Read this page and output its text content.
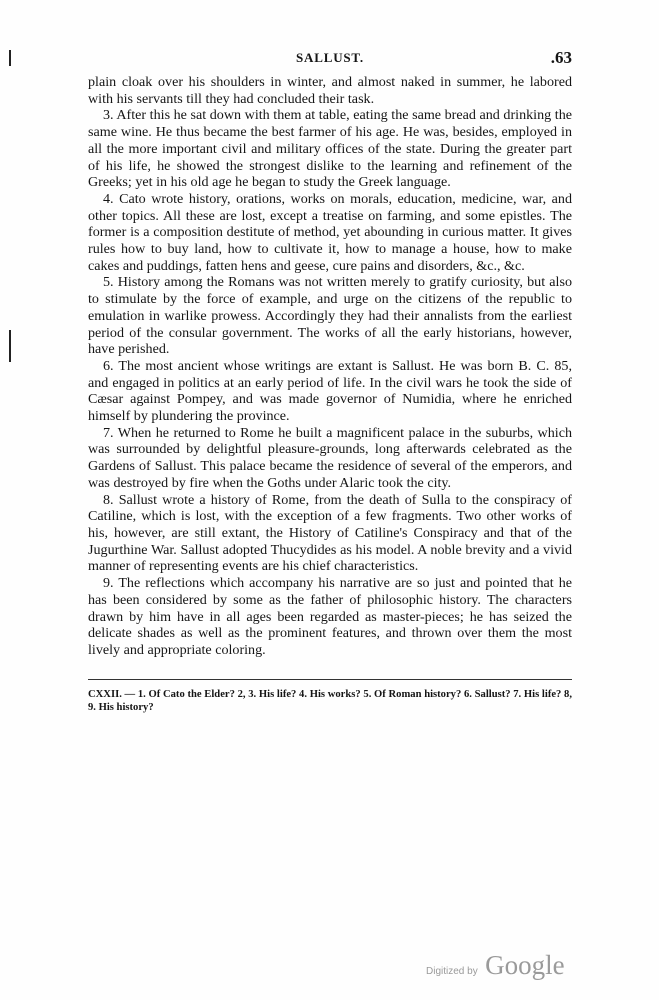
SALLUST.	.63

plain cloak over his shoulders in winter, and almost naked in summer, he labored with his servants till they had concluded their task.

3. After this he sat down with them at table, eating the same bread and drinking the same wine. He thus became the best farmer of his age. He was, besides, employed in all the more important civil and military offices of the state. During the greater part of his life, he showed the strongest dislike to the learning and refinement of the Greeks; yet in his old age he began to study the Greek language.

4. Cato wrote history, orations, works on morals, education, medicine, war, and other topics. All these are lost, except a treatise on farming, and some epistles. The former is a composition destitute of method, yet abounding in curious matter. It gives rules how to buy land, how to cultivate it, how to manage a house, how to make cakes and puddings, fatten hens and geese, cure pains and disorders, &c., &c.

5. History among the Romans was not written merely to gratify curiosity, but also to stimulate by the force of example, and urge on the citizens of the republic to emulation in warlike prowess. Accordingly they had their annalists from the earliest period of the consular government. The works of all the early historians, however, have perished.

6. The most ancient whose writings are extant is Sallust. He was born B. C. 85, and engaged in politics at an early period of life. In the civil wars he took the side of Cæsar against Pompey, and was made governor of Numidia, where he enriched himself by plundering the province.

7. When he returned to Rome he built a magnificent palace in the suburbs, which was surrounded by delightful pleasure-grounds, long afterwards celebrated as the Gardens of Sallust. This palace became the residence of several of the emperors, and was destroyed by fire when the Goths under Alaric took the city.

8. Sallust wrote a history of Rome, from the death of Sulla to the conspiracy of Catiline, which is lost, with the exception of a few fragments. Two other works of his, however, are still extant, the History of Catiline's Conspiracy and that of the Jugurthine War. Sallust adopted Thucydides as his model. A noble brevity and a vivid manner of representing events are his chief characteristics.

9. The reflections which accompany his narrative are so just and pointed that he has been considered by some as the father of philosophic history. The characters drawn by him have in all ages been regarded as master-pieces; he has seized the delicate shades as well as the prominent features, and thrown over them the most lively and appropriate coloring.

CXXII. — 1. Of Cato the Elder? 2, 3. His life? 4. His works? 5. Of Roman history? 6. Sallust? 7. His life? 8, 9. His history?
Digitized by Google
